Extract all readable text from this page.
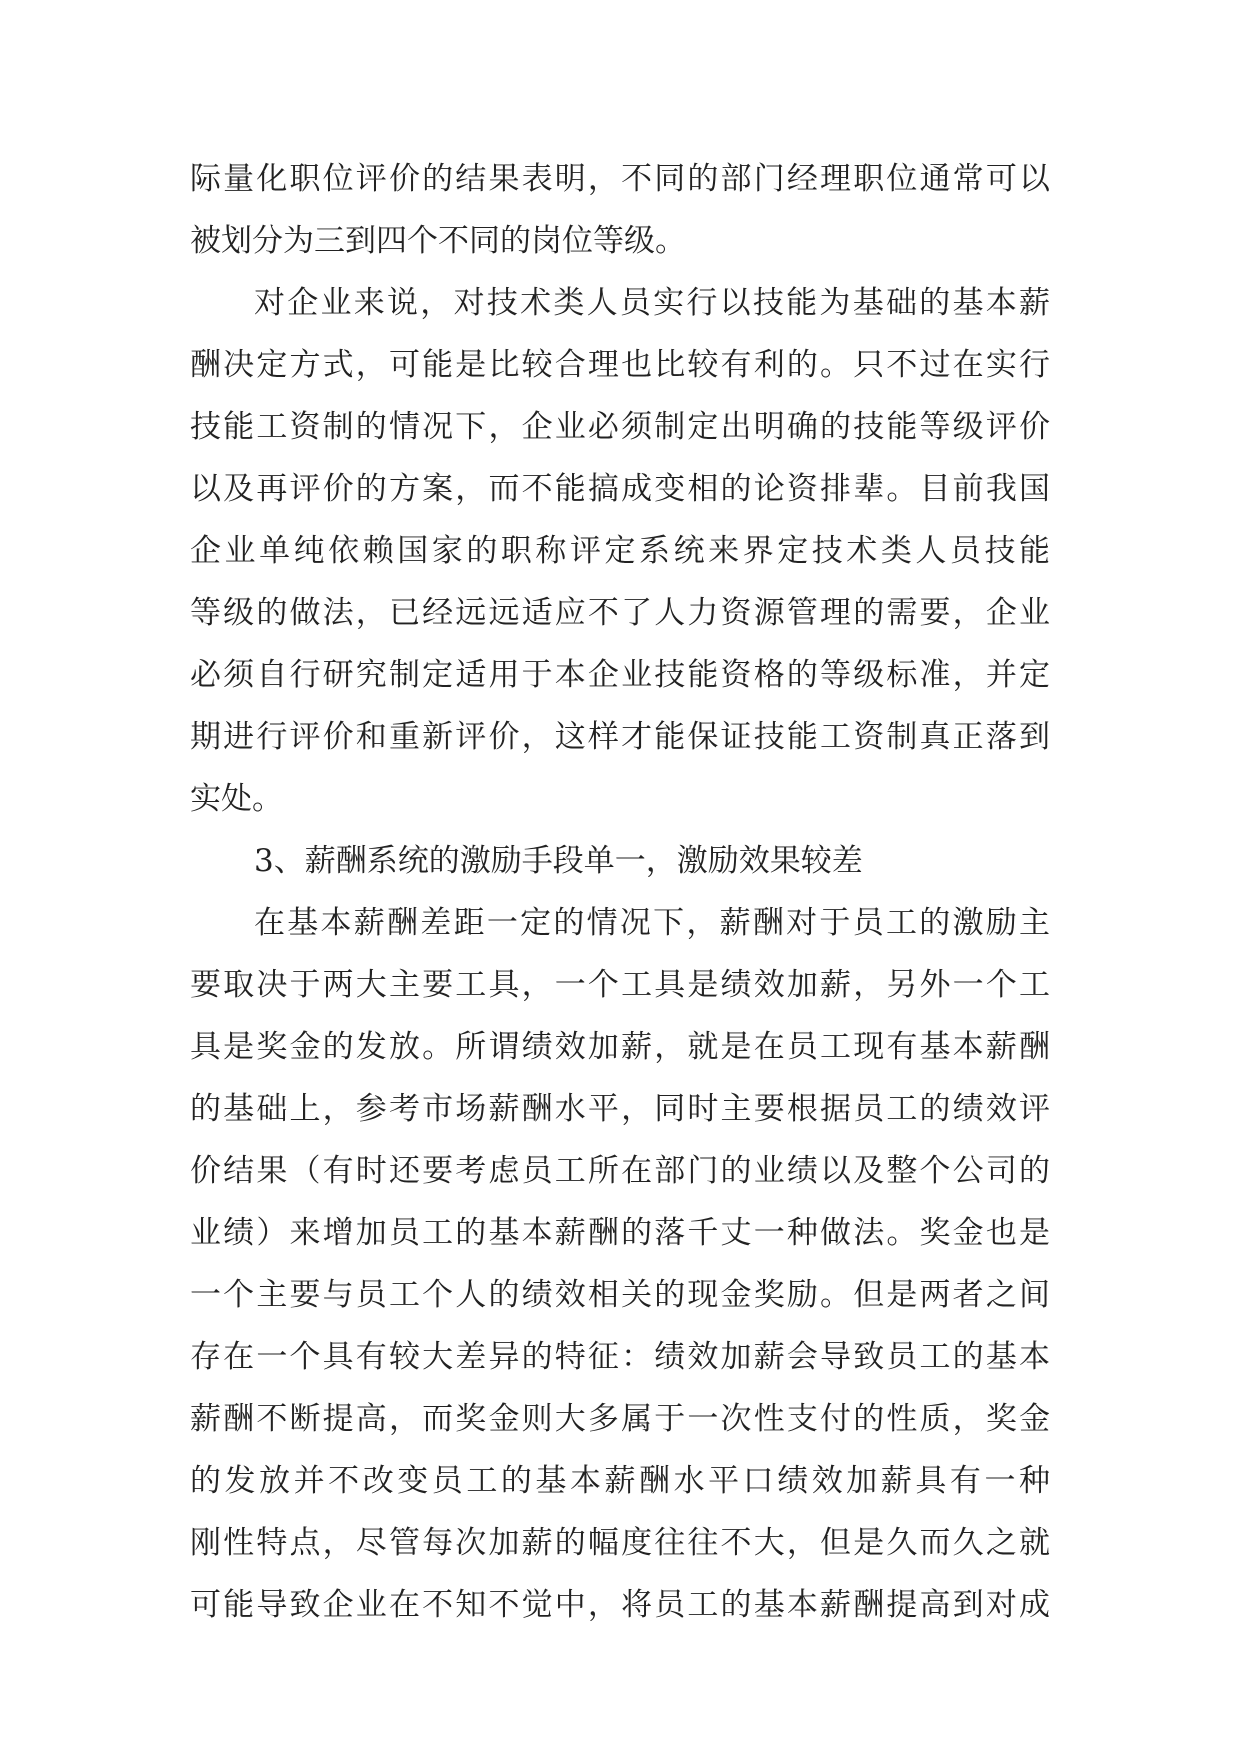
际量化职位评价的结果表明，不同的部门经理职位通常可以
被划分为三到四个不同的岗位等级。
对企业来说，对技术类人员实行以技能为基础的基本薪
酬决定方式，可能是比较合理也比较有利的。只不过在实行
技能工资制的情况下，企业必须制定出明确的技能等级评价
以及再评价的方案，而不能搞成变相的论资排辈。目前我国
企业单纯依赖国家的职称评定系统来界定技术类人员技能
等级的做法，已经远远适应不了人力资源管理的需要，企业
必须自行研究制定适用于本企业技能资格的等级标准，并定
期进行评价和重新评价，这样才能保证技能工资制真正落到
实处。
3、薪酬系统的激励手段单一，激励效果较差
在基本薪酬差距一定的情况下，薪酬对于员工的激励主
要取决于两大主要工具，一个工具是绩效加薪，另外一个工
具是奖金的发放。所谓绩效加薪，就是在员工现有基本薪酬
的基础上，参考市场薪酬水平，同时主要根据员工的绩效评
价结果（有时还要考虑员工所在部门的业绩以及整个公司的
业绩）来增加员工的基本薪酬的落千丈一种做法。奖金也是
一个主要与员工个人的绩效相关的现金奖励。但是两者之间
存在一个具有较大差异的特征：绩效加薪会导致员工的基本
薪酬不断提高，而奖金则大多属于一次性支付的性质，奖金
的发放并不改变员工的基本薪酬水平口绩效加薪具有一种
刚性特点，尽管每次加薪的幅度往往不大，但是久而久之就
可能导致企业在不知不觉中，将员工的基本薪酬提高到对成
